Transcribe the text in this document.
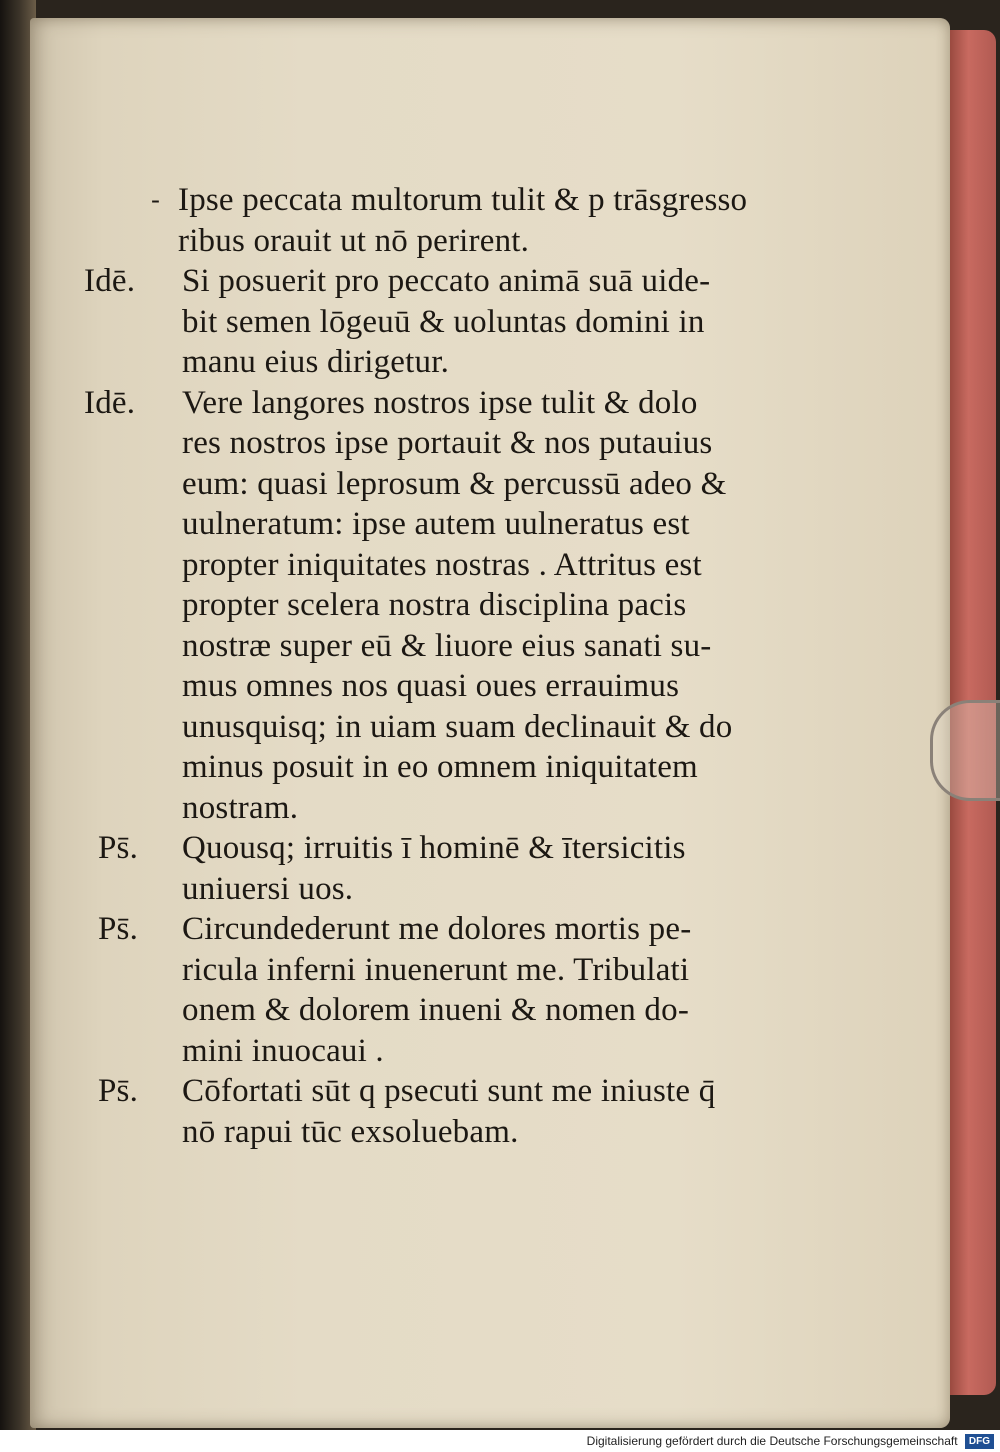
- Ipse peccata multorum tulit & p trāsgresso
ribus orauit ut nō perirent.
Idē.	Si posuerit pro peccato animā suā uide-
bit semen lōgeuū & uoluntas domini in
manu eius dirigetur.
Idē.	Vere langores nostros ipse tulit & dolo
res nostros ipse portauit & nos putauius
eum: quasi leprosum & percussū adeo &
uulneratum: ipse autem uulneratus est
propter iniquitates nostras . Attritus est
propter scelera nostra disciplina pacis
nostræ super eū & liuore eius sanati su-
mus omnes nos quasi oues errauimus
unusquisq; in uiam suam declinauit & do
minus posuit in eo omnem iniquitatem
nostram.
Ps̄.	Quousq; irruitis ī hominē & ītersicitis
uniuersi uos.
Ps̄.	Circundederunt me dolores mortis pe-
ricula inferni inuenerunt me. Tribulati
onem & dolorem inueni & nomen do-
mini inuocaui .
Ps̄.	Cōfortati sūt q psecuti sunt me iniuste q̄
nō rapui tūc exsoluebam.
Digitalisierung gefördert durch die Deutsche Forschungsgemeinschaft DFG
